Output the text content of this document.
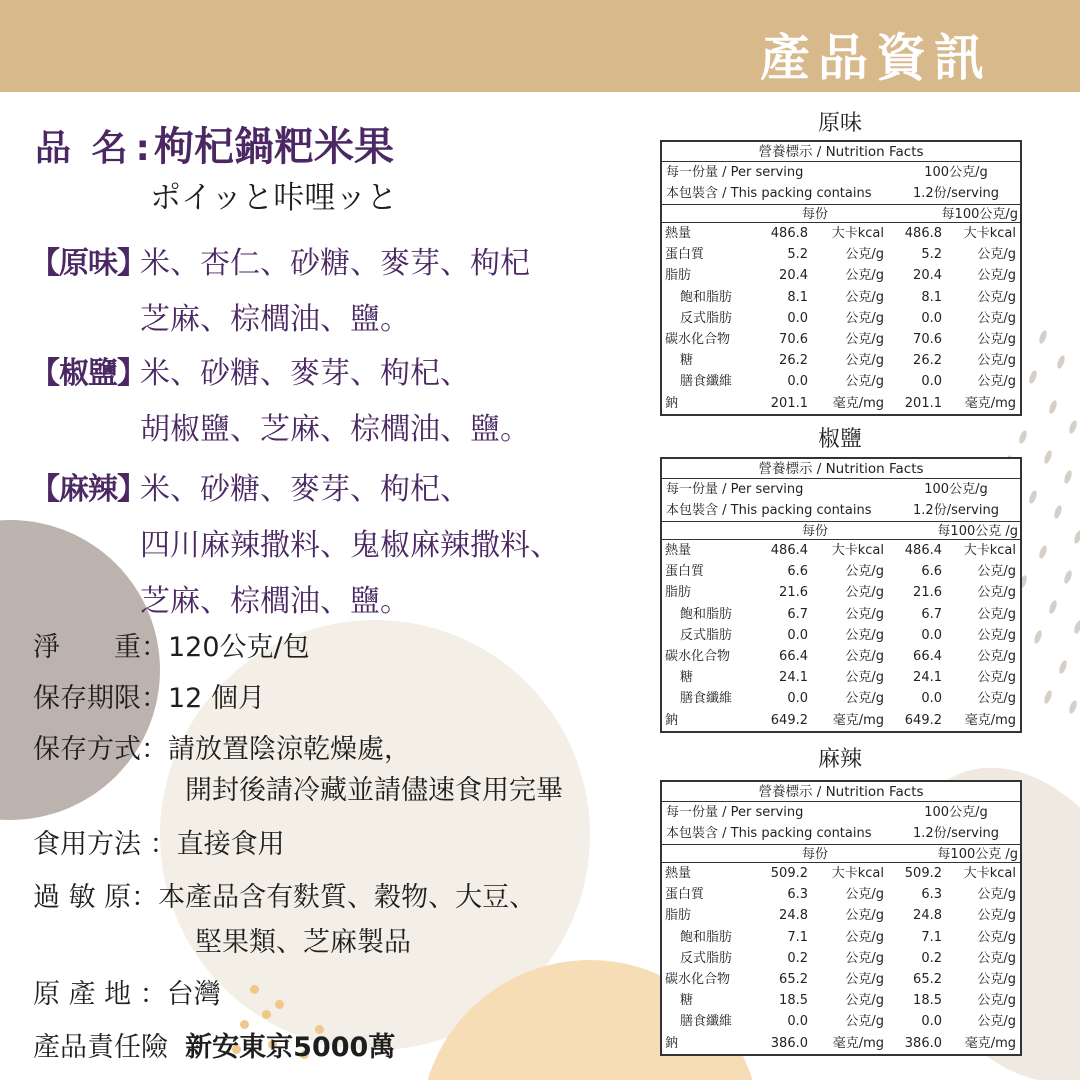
產品資訊
品 名 : 枸杞鍋粑米果
ポイッと咔哩ッと
【原味】
米、杏仁、砂糖、麥芽、枸杞
芝麻、棕櫚油、鹽。
【椒鹽】
米、砂糖、麥芽、枸杞、
胡椒鹽、芝麻、棕櫚油、鹽。
【麻辣】
米、砂糖、麥芽、枸杞、
四川麻辣撒料、鬼椒麻辣撒料、
芝麻、棕櫚油、鹽。
淨　　重：120公克/包
保存期限：12 個月
保存方式：請放置陰涼乾燥處，
開封後請冷藏並請儘速食用完畢
食用方法 ：直接食用
過 敏 原：本產品含有麩質、穀物、大豆、
堅果類、芝麻製品
原 產 地 ：台灣
產品責任險 新安東京5000萬
原味
營養標示 / Nutrition Facts
每一份量 / Per serving	100公克/g
本包裝含 / This packing contains	1.2份/serving
每份	每100公克/g
熱量	486.8	大卡kcal	486.8	大卡kcal
蛋白質	5.2	公克/g	5.2	公克/g
脂肪	20.4	公克/g	20.4	公克/g
飽和脂肪	8.1	公克/g	8.1	公克/g
反式脂肪	0.0	公克/g	0.0	公克/g
碳水化合物	70.6	公克/g	70.6	公克/g
糖	26.2	公克/g	26.2	公克/g
膳食纖維	0.0	公克/g	0.0	公克/g
鈉	201.1	毫克/mg	201.1	毫克/mg
椒鹽
營養標示 / Nutrition Facts
每一份量 / Per serving	100公克/g
本包裝含 / This packing contains	1.2份/serving
每份	每100公克 /g
熱量	486.4	大卡kcal	486.4	大卡kcal
蛋白質	6.6	公克/g	6.6	公克/g
脂肪	21.6	公克/g	21.6	公克/g
飽和脂肪	6.7	公克/g	6.7	公克/g
反式脂肪	0.0	公克/g	0.0	公克/g
碳水化合物	66.4	公克/g	66.4	公克/g
糖	24.1	公克/g	24.1	公克/g
膳食纖維	0.0	公克/g	0.0	公克/g
鈉	649.2	毫克/mg	649.2	毫克/mg
麻辣
營養標示 / Nutrition Facts
每一份量 / Per serving	100公克/g
本包裝含 / This packing contains	1.2份/serving
每份	每100公克 /g
熱量	509.2	大卡kcal	509.2	大卡kcal
蛋白質	6.3	公克/g	6.3	公克/g
脂肪	24.8	公克/g	24.8	公克/g
飽和脂肪	7.1	公克/g	7.1	公克/g
反式脂肪	0.2	公克/g	0.2	公克/g
碳水化合物	65.2	公克/g	65.2	公克/g
糖	18.5	公克/g	18.5	公克/g
膳食纖維	0.0	公克/g	0.0	公克/g
鈉	386.0	毫克/mg	386.0	毫克/mg
